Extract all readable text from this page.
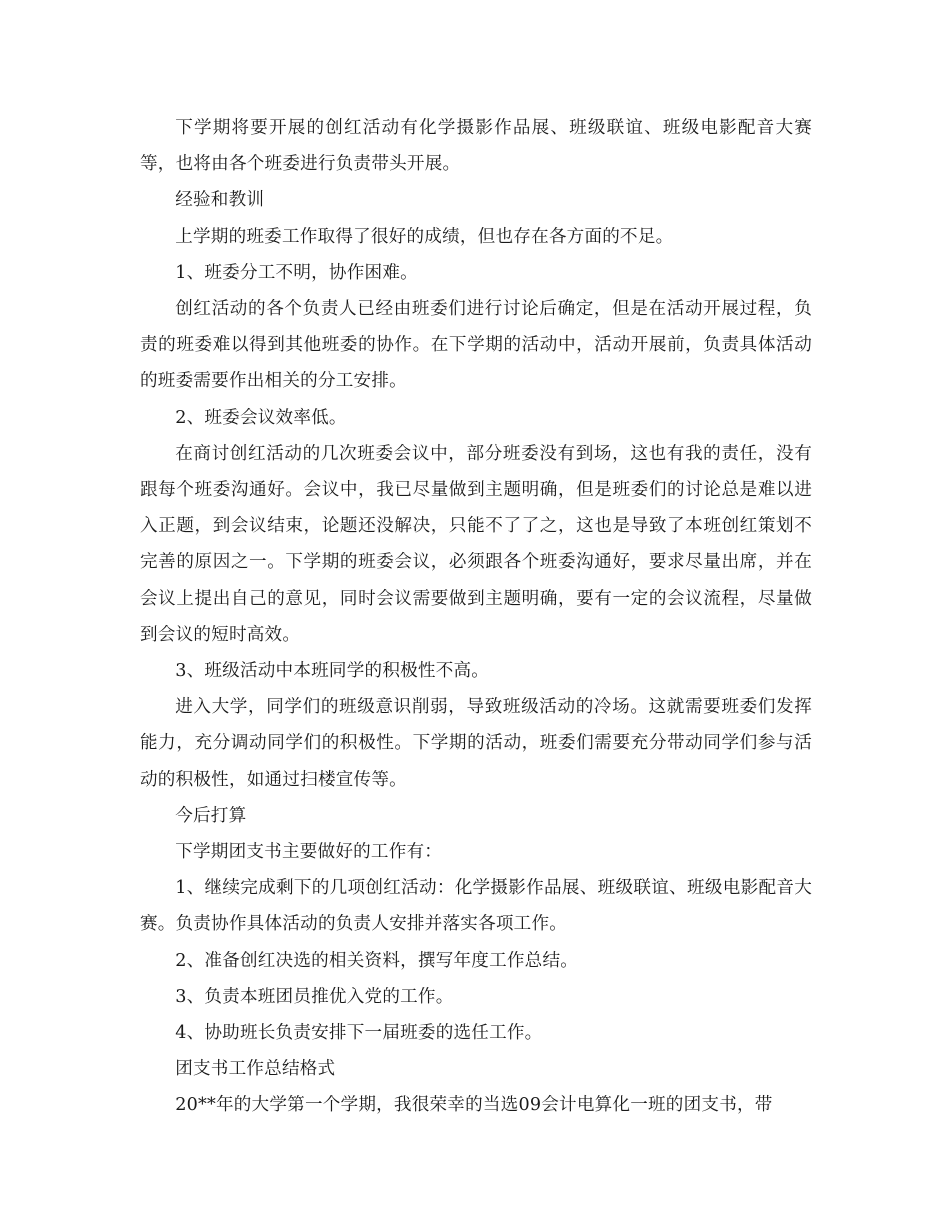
下学期将要开展的创红活动有化学摄影作品展、班级联谊、班级电影配音大赛等，也将由各个班委进行负责带头开展。

经验和教训

上学期的班委工作取得了很好的成绩，但也存在各方面的不足。

1、班委分工不明，协作困难。

创红活动的各个负责人已经由班委们进行讨论后确定，但是在活动开展过程，负责的班委难以得到其他班委的协作。在下学期的活动中，活动开展前，负责具体活动的班委需要作出相关的分工安排。

2、班委会议效率低。

在商讨创红活动的几次班委会议中，部分班委没有到场，这也有我的责任，没有跟每个班委沟通好。会议中，我已尽量做到主题明确，但是班委们的讨论总是难以进入正题，到会议结束，论题还没解决，只能不了了之，这也是导致了本班创红策划不完善的原因之一。下学期的班委会议，必须跟各个班委沟通好，要求尽量出席，并在会议上提出自己的意见，同时会议需要做到主题明确，要有一定的会议流程，尽量做到会议的短时高效。

3、班级活动中本班同学的积极性不高。

进入大学，同学们的班级意识削弱，导致班级活动的冷场。这就需要班委们发挥能力，充分调动同学们的积极性。下学期的活动，班委们需要充分带动同学们参与活动的积极性，如通过扫楼宣传等。

今后打算

下学期团支书主要做好的工作有：

1、继续完成剩下的几项创红活动：化学摄影作品展、班级联谊、班级电影配音大赛。负责协作具体活动的负责人安排并落实各项工作。

2、准备创红决选的相关资料，撰写年度工作总结。

3、负责本班团员推优入党的工作。

4、协助班长负责安排下一届班委的选任工作。

团支书工作总结格式

20**年的大学第一个学期，我很荣幸的当选09会计电算化一班的团支书，带
